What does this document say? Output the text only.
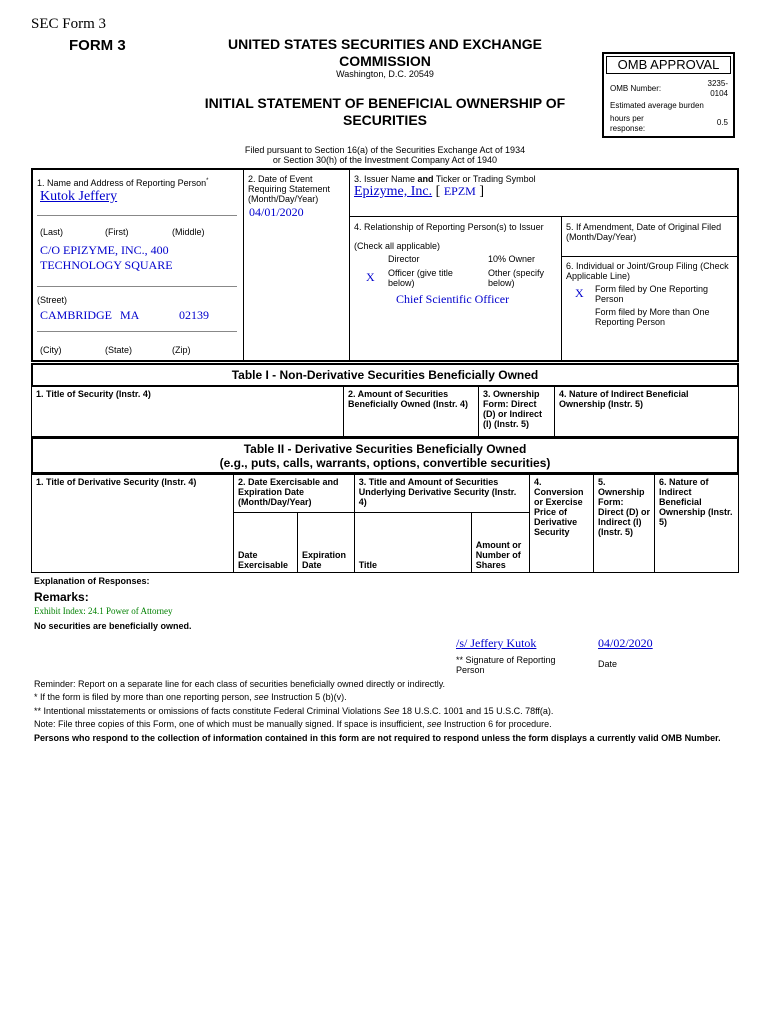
SEC Form 3
FORM 3	UNITED STATES SECURITIES AND EXCHANGE
COMMISSION
Washington, D.C. 20549
INITIAL STATEMENT OF BENEFICIAL OWNERSHIP OF
SECURITIES
OMB APPROVAL
OMB Number:
3235-
0104
Estimated average burden
hours per
response:
0.5
Filed pursuant to Section 16(a) of the Securities Exchange Act of 1934
or Section 30(h) of the Investment Company Act of 1940
1. Name and Address of Reporting Person*
Kutok Jeffery
(Last)	(First)	(Middle)
C/O EPIZYME, INC., 400
TECHNOLOGY SQUARE
(Street)
CAMBRIDGE MA	02139
(City)	(State)	(Zip)
2. Date of Event Requiring Statement (Month/Day/Year)
04/01/2020
3. Issuer Name and Ticker or Trading Symbol
Epizyme, Inc. [ EPZM ]
4. Relationship of Reporting Person(s) to Issuer
(Check all applicable)
Director	10% Owner
X Officer (give title below)
Other (specify below)
Chief Scientific Officer
5. If Amendment, Date of Original Filed (Month/Day/Year)
6. Individual or Joint/Group Filing (Check Applicable Line)
X Form filed by One Reporting Person
Form filed by More than One Reporting Person
Table I - Non-Derivative Securities Beneficially Owned
1. Title of Security (Instr. 4)	2. Amount of Securities Beneficially Owned (Instr. 4)	3. Ownership Form: Direct (D) or Indirect (I) (Instr. 5)	4. Nature of Indirect Beneficial Ownership (Instr. 5)
Table II - Derivative Securities Beneficially Owned
(e.g., puts, calls, warrants, options, convertible securities)
1. Title of Derivative Security (Instr. 4)	2. Date Exercisable and Expiration Date (Month/Day/Year)		3. Title and Amount of Securities Underlying Derivative Security (Instr. 4)		4. Conversion or Exercise Price of Derivative Security	5. Ownership Form: Direct (D) or Indirect (I) (Instr. 5)	6. Nature of Indirect Beneficial Ownership (Instr. 5)
	Date Exercisable	Expiration Date	Title	Amount or Number of Shares			
Explanation of Responses:
Remarks:
Exhibit Index: 24.1 Power of Attorney
No securities are beneficially owned.
/s/ Jeffery Kutok	04/02/2020
** Signature of Reporting Person
Date
Reminder: Report on a separate line for each class of securities beneficially owned directly or indirectly.
* If the form is filed by more than one reporting person, see Instruction 5 (b)(v).
** Intentional misstatements or omissions of facts constitute Federal Criminal Violations See 18 U.S.C. 1001 and 15 U.S.C. 78ff(a).
Note: File three copies of this Form, one of which must be manually signed. If space is insufficient, see Instruction 6 for procedure.
Persons who respond to the collection of information contained in this form are not required to respond unless the form displays a currently valid OMB Number.
